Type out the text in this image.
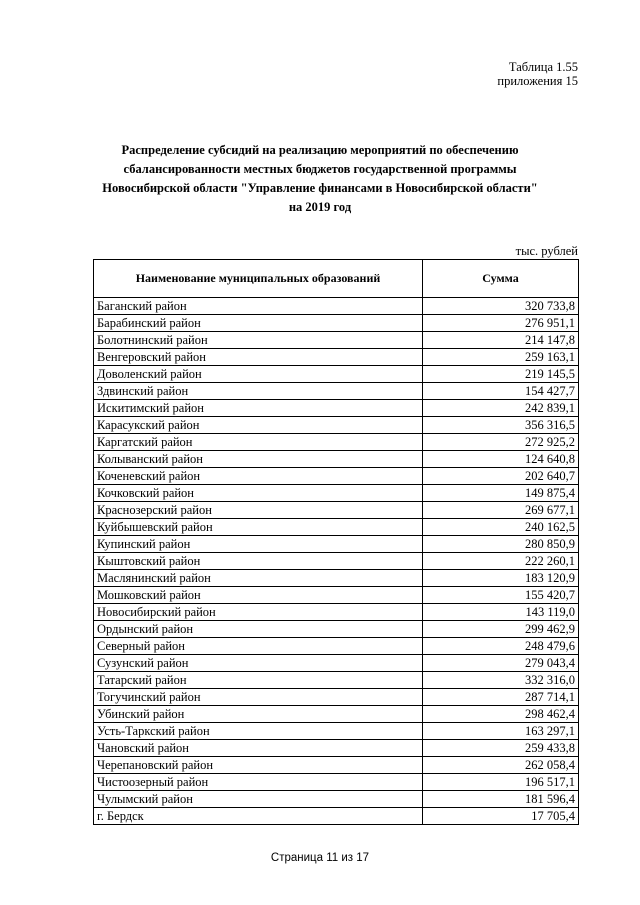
Таблица 1.55
приложения 15
Распределение субсидий на реализацию мероприятий по обеспечению сбалансированности местных бюджетов государственной программы Новосибирской области "Управление финансами в Новосибирской области" на 2019 год
тыс. рублей
Наименование муниципальных образований	Сумма
Баганский район	320 733,8
Барабинский район	276 951,1
Болотнинский район	214 147,8
Венгеровский район	259 163,1
Доволенский район	219 145,5
Здвинский район	154 427,7
Искитимский район	242 839,1
Карасукский район	356 316,5
Каргатский район	272 925,2
Колыванский район	124 640,8
Коченевский район	202 640,7
Кочковский район	149 875,4
Краснозерский район	269 677,1
Куйбышевский район	240 162,5
Купинский район	280 850,9
Кыштовский район	222 260,1
Маслянинский район	183 120,9
Мошковский район	155 420,7
Новосибирский район	143 119,0
Ордынский район	299 462,9
Северный район	248 479,6
Сузунский район	279 043,4
Татарский район	332 316,0
Тогучинский район	287 714,1
Убинский район	298 462,4
Усть-Таркский район	163 297,1
Чановский район	259 433,8
Черепановский район	262 058,4
Чистоозерный район	196 517,1
Чулымский район	181 596,4
г. Бердск	17 705,4
Страница 11 из 17
